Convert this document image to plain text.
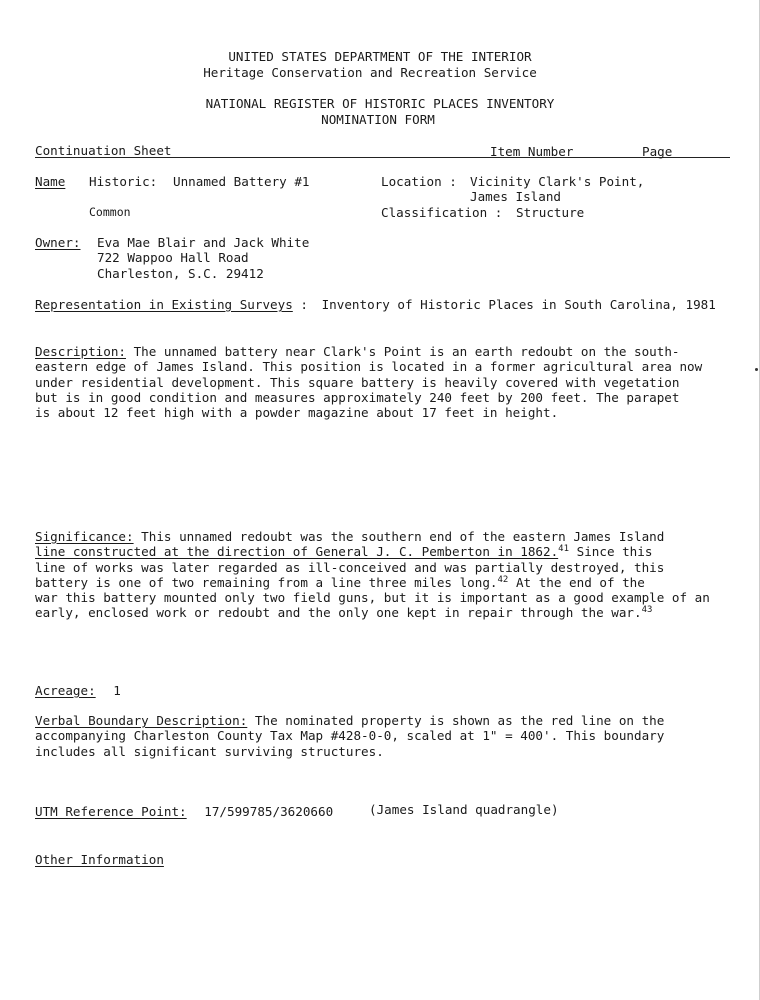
UNITED STATES DEPARTMENT OF THE INTERIOR
Heritage Conservation and Recreation Service
NATIONAL REGISTER OF HISTORIC PLACES INVENTORY
NOMINATION FORM
Continuation Sheet	Item Number	Page
Name Historic: Unnamed Battery #1
Common
Location : Vicinity Clark's Point,
James Island
Classification : Structure
Owner: Eva Mae Blair and Jack White
722 Wappoo Hall Road
Charleston, S.C. 29412
Representation in Existing Surveys : Inventory of Historic Places in South Carolina, 1981
Description: The unnamed battery near Clark's Point is an earth redoubt on the south-
eastern edge of James Island. This position is located in a former agricultural area now
under residential development. This square battery is heavily covered with vegetation
but is in good condition and measures approximately 240 feet by 200 feet. The parapet
is about 12 feet high with a powder magazine about 17 feet in height.
Significance: This unnamed redoubt was the southern end of the eastern James Island
line constructed at the direction of General J. C. Pemberton in 1862.41 Since this
line of works was later regarded as ill-conceived and was partially destroyed, this
battery is one of two remaining from a line three miles long.$^{42}$ At the end of the
war this battery mounted only two field guns, but it is important as a good example of an
early, enclosed work or redoubt and the only one kept in repair through the war.$^{43}$
Acreage: 1
Verbal Boundary Description: The nominated property is shown as the red line on the
accompanying Charleston County Tax Map #428-0-0, scaled at 1" = 400'. This boundary
includes all significant surviving structures.
UTM Reference Point: 17/599785/3620660	(James Island quadrangle)
Other Information
